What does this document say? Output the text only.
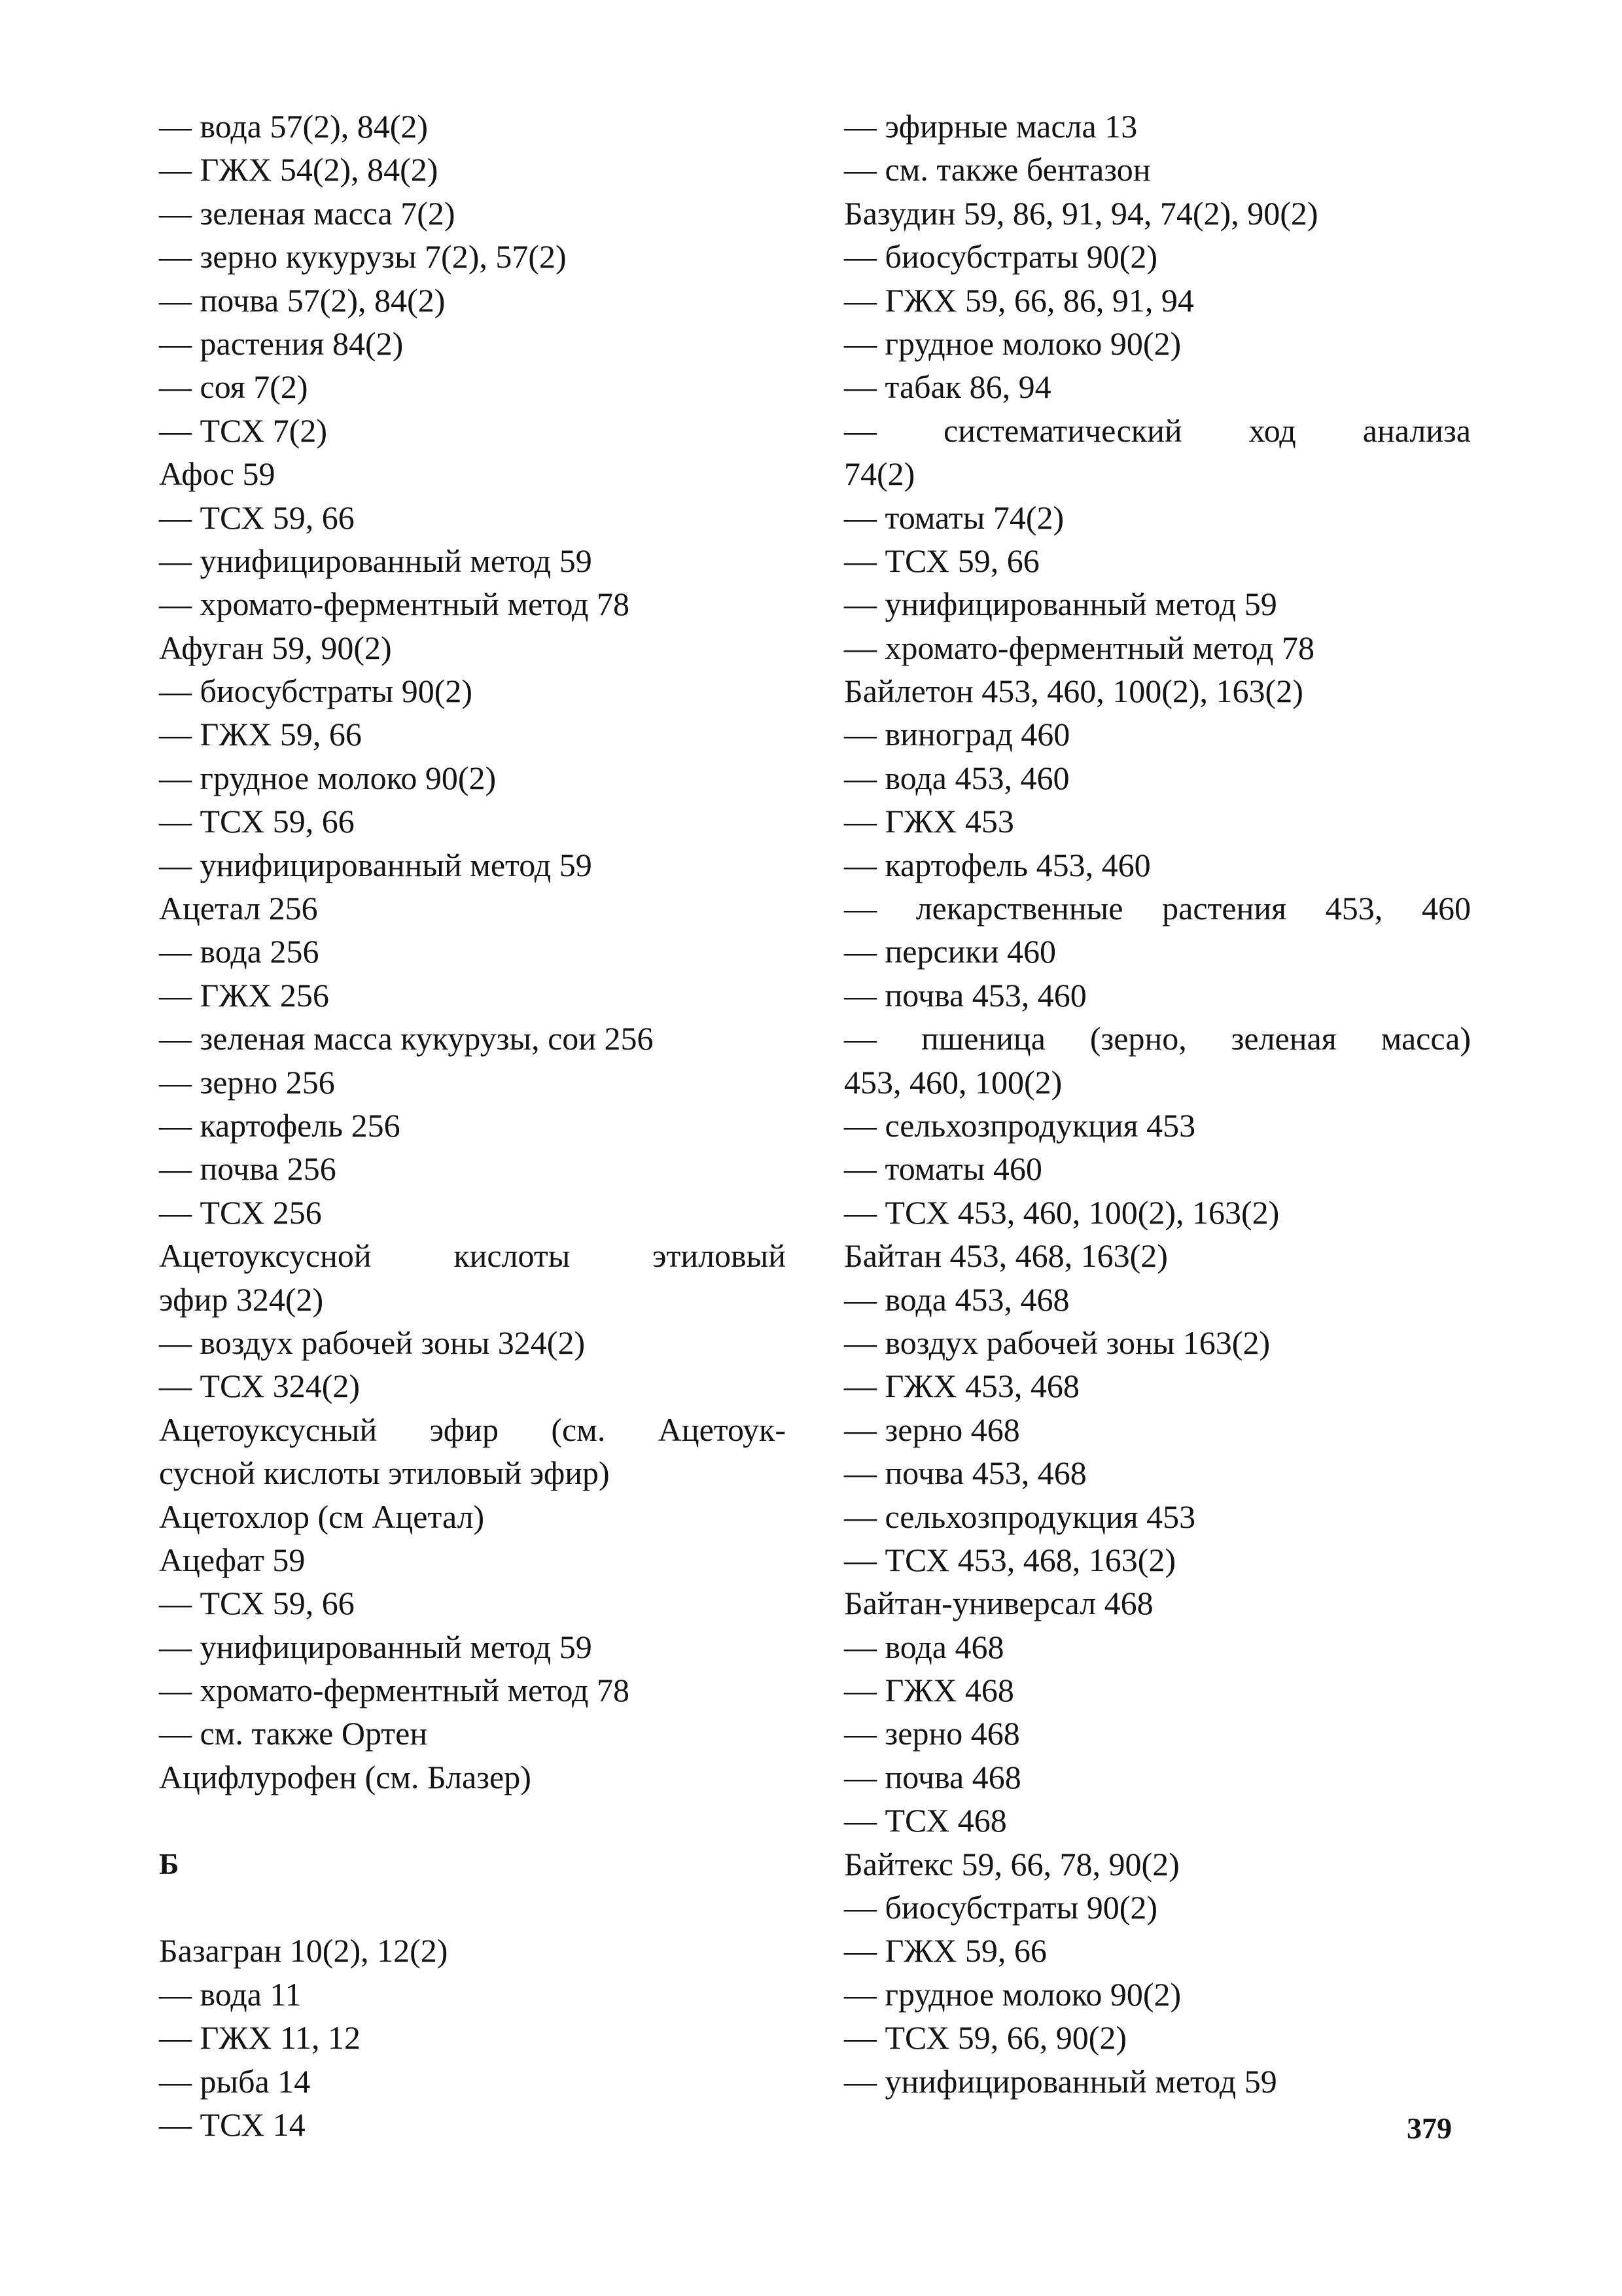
— вода 57(2), 84(2)
— ГЖХ 54(2), 84(2)
— зеленая масса 7(2)
— зерно кукурузы 7(2), 57(2)
— почва 57(2), 84(2)
— растения 84(2)
— соя 7(2)
— ТСХ 7(2)
Афос 59
— ТСХ 59, 66
— унифицированный метод 59
— хромато-ферментный метод 78
Афуган 59, 90(2)
— биосубстраты 90(2)
— ГЖХ 59, 66
— грудное молоко 90(2)
— ТСХ 59, 66
— унифицированный метод 59
Ацетал 256
— вода 256
— ГЖХ 256
— зеленая масса кукурузы, сои 256
— зерно 256
— картофель 256
— почва 256
— ТСХ 256
Ацетоуксусной кислоты этиловый
эфир 324(2)
— воздух рабочей зоны 324(2)
— ТСХ 324(2)
Ацетоуксусный эфир (см. Ацетоук-
сусной кислоты этиловый эфир)
Ацетохлор (см Ацетал)
Ацефат 59
— ТСХ 59, 66
— унифицированный метод 59
— хромато-ферментный метод 78
— см. также Ортен
Ацифлурофен (см. Блазер)
Б
Базагран 10(2), 12(2)
— вода 11
— ГЖХ 11, 12
— рыба 14
— ТСХ 14
— эфирные масла 13
— см. также бентазон
Базудин 59, 86, 91, 94, 74(2), 90(2)
— биосубстраты 90(2)
— ГЖХ 59, 66, 86, 91, 94
— грудное молоко 90(2)
— табак 86, 94
— систематический ход анализа
74(2)
— томаты 74(2)
— ТСХ 59, 66
— унифицированный метод 59
— хромато-ферментный метод 78
Байлетон 453, 460, 100(2), 163(2)
— виноград 460
— вода 453, 460
— ГЖХ 453
— картофель 453, 460
— лекарственные растения 453, 460
— персики 460
— почва 453, 460
— пшеница (зерно, зеленая масса)
453, 460, 100(2)
— сельхозпродукция 453
— томаты 460
— ТСХ 453, 460, 100(2), 163(2)
Байтан 453, 468, 163(2)
— вода 453, 468
— воздух рабочей зоны 163(2)
— ГЖХ 453, 468
— зерно 468
— почва 453, 468
— сельхозпродукция 453
— ТСХ 453, 468, 163(2)
Байтан-универсал 468
— вода 468
— ГЖХ 468
— зерно 468
— почва 468
— ТСХ 468
Байтекс 59, 66, 78, 90(2)
— биосубстраты 90(2)
— ГЖХ 59, 66
— грудное молоко 90(2)
— ТСХ 59, 66, 90(2)
— унифицированный метод 59
379
